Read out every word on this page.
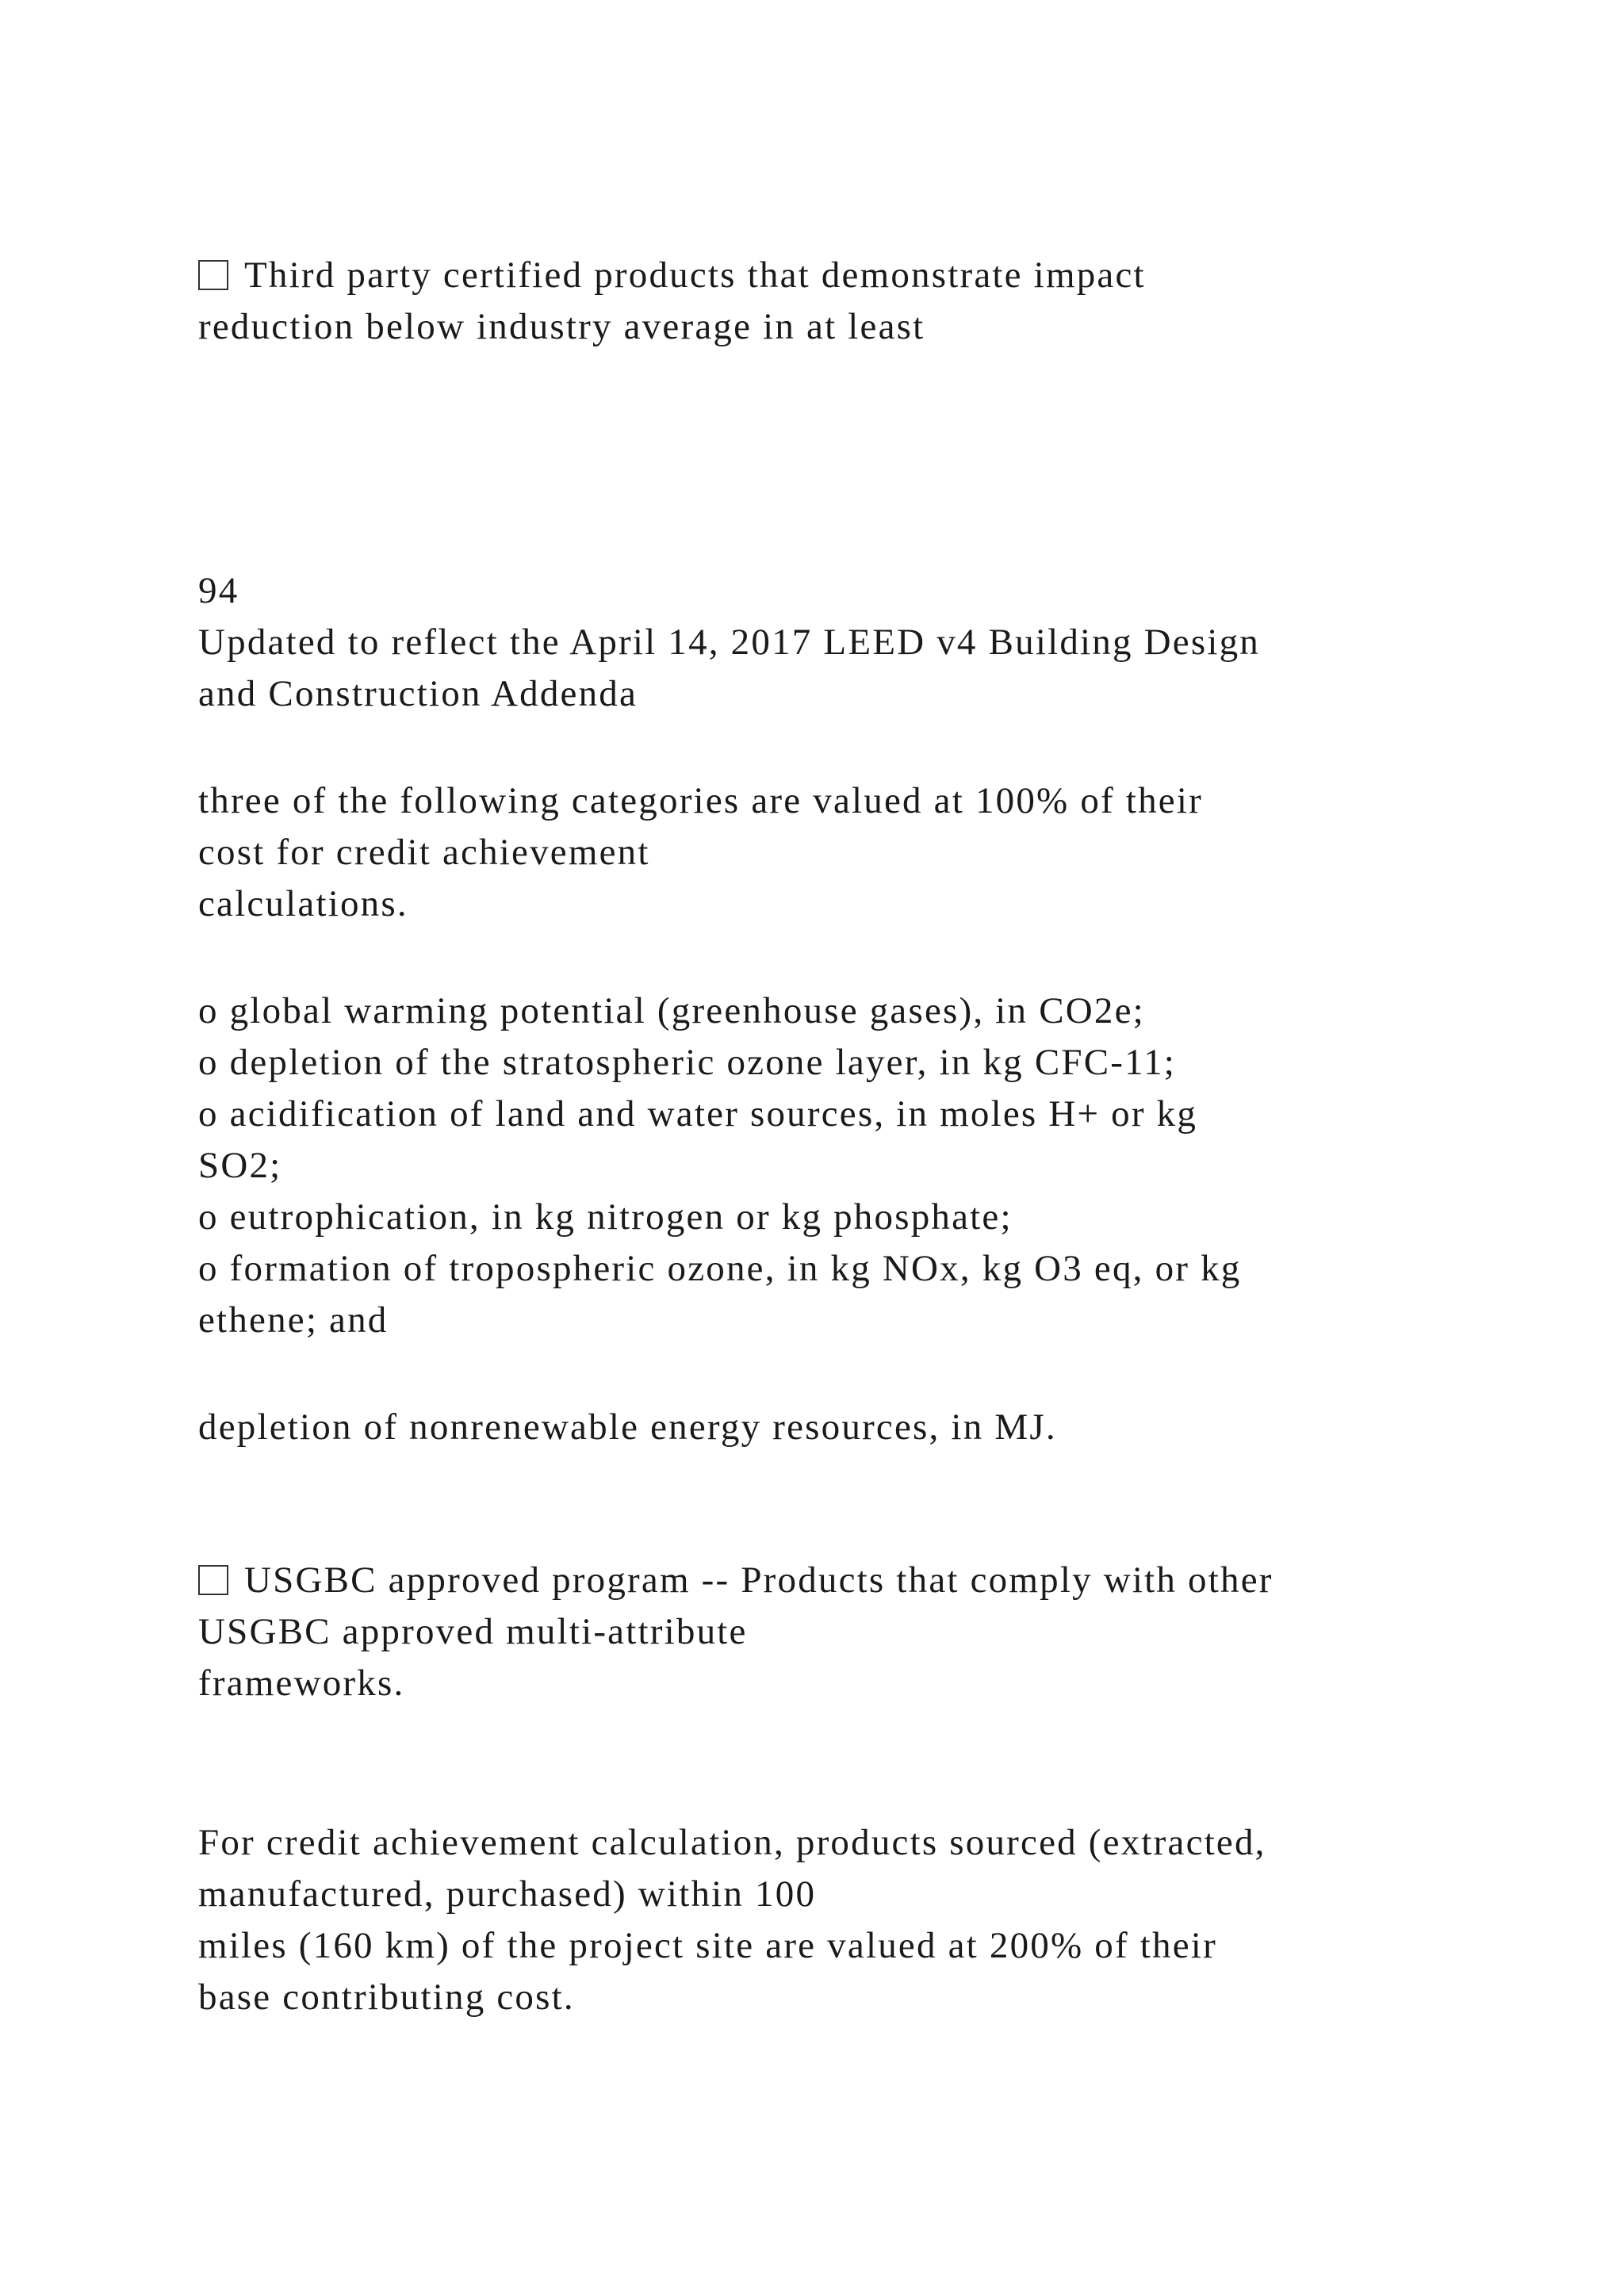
Third party certified products that demonstrate impact

reduction below industry average in at least

94

Updated to reflect the April 14, 2017 LEED v4 Building Design

and Construction Addenda

three of the following categories are valued at 100% of their

cost for credit achievement

calculations.

o global warming potential (greenhouse gases), in CO2e;

o depletion of the stratospheric ozone layer, in kg CFC-11;

o acidification of land and water sources, in moles H+ or kg

SO2;

o eutrophication, in kg nitrogen or kg phosphate;

o formation of tropospheric ozone, in kg NOx, kg O3 eq, or kg

ethene; and

depletion of nonrenewable energy resources, in MJ.

USGBC approved program -- Products that comply with other

USGBC approved multi-attribute

frameworks.

For credit achievement calculation, products sourced (extracted,

manufactured, purchased) within 100

miles (160 km) of the project site are valued at 200% of their

base contributing cost.
